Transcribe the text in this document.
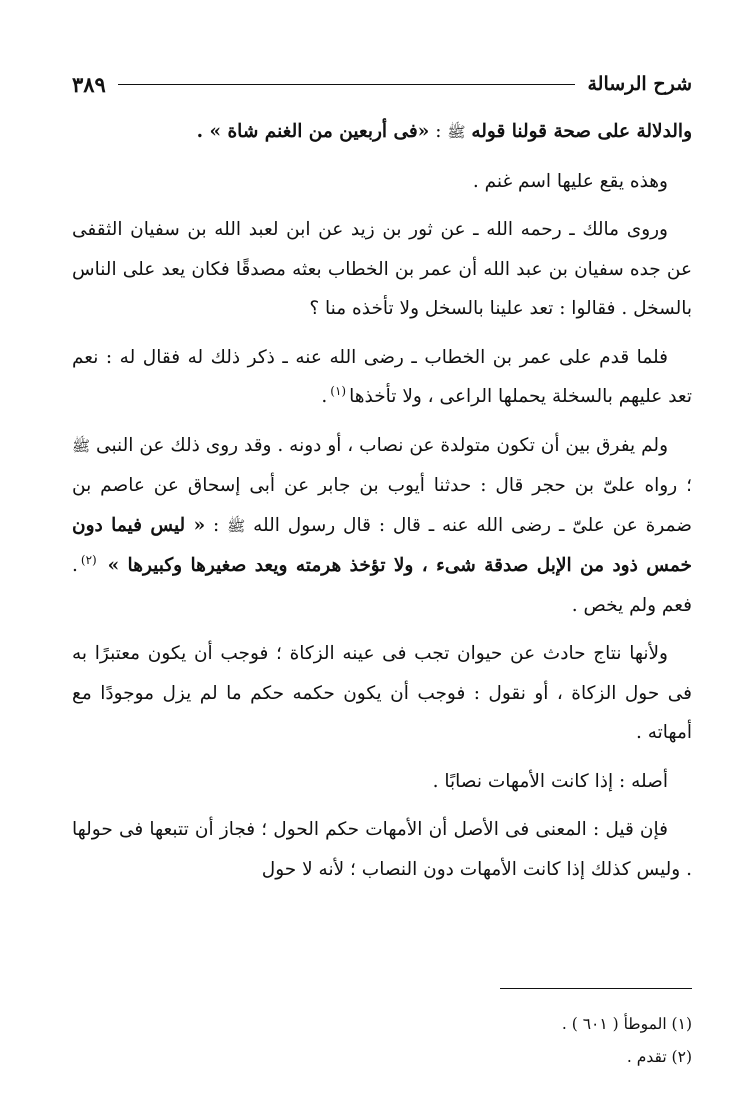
شرح الرسالة
٣٨٩

والدلالة على صحة قولنا قوله ﷺ : «فى أربعين من الغنم شاة » .

وهذه يقع عليها اسم غنم .

وروى مالك ـ رحمه الله ـ عن ثور بن زيد عن ابن لعبد الله بن سفيان الثقفى عن جده سفيان بن عبد الله أن عمر بن الخطاب بعثه مصدقًا فكان يعد على الناس بالسخل . فقالوا : تعد علينا بالسخل ولا تأخذه منا ؟

فلما قدم على عمر بن الخطاب ـ رضى الله عنه ـ ذكر ذلك له فقال له : نعم تعد عليهم بالسخلة يحملها الراعى ، ولا تأخذها$^{(١)}$.

ولم يفرق بين أن تكون متولدة عن نصاب ، أو دونه . وقد روى ذلك عن النبى ﷺ ؛ رواه علىّ بن حجر قال : حدثنا أيوب بن جابر عن أبى إسحاق عن عاصم بن ضمرة عن علىّ ـ رضى الله عنه ـ قال : قال رسول الله ﷺ : « ليس فيما دون خمس ذود من الإبل صدقة شىء ، ولا تؤخذ هرمته ويعد صغيرها وكبيرها » $^{(٢)}$. فعم ولم يخص .

ولأنها نتاج حادث عن حيوان تجب فى عينه الزكاة ؛ فوجب أن يكون معتبرًا به فى حول الزكاة ، أو نقول : فوجب أن يكون حكمه حكم ما لم يزل موجودًا مع أمهاته .

أصله : إذا كانت الأمهات نصابًا .

فإن قيل : المعنى فى الأصل أن الأمهات حكم الحول ؛ فجاز أن تتبعها فى حولها . وليس كذلك إذا كانت الأمهات دون النصاب ؛ لأنه لا حول

(١) الموطأ ( ٦٠١ ) .

(٢) تقدم .
